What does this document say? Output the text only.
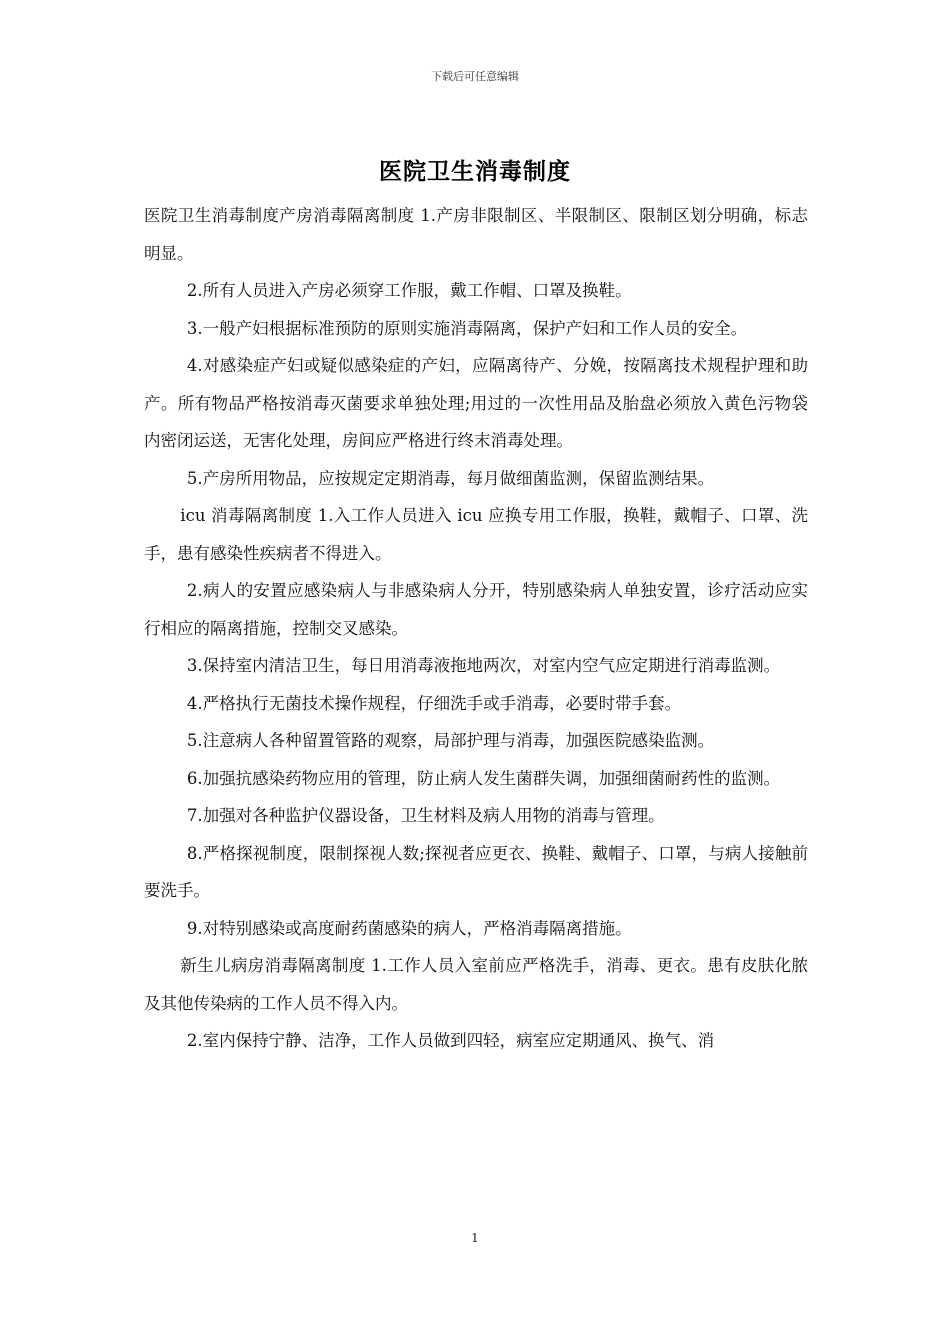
下载后可任意编辑
医院卫生消毒制度

医院卫生消毒制度产房消毒隔离制度 1.产房非限制区、半限制区、限制区划分明确，标志明显。

2.所有人员进入产房必须穿工作服，戴工作帽、口罩及换鞋。

3.一般产妇根据标准预防的原则实施消毒隔离，保护产妇和工作人员的安全。

4.对感染症产妇或疑似感染症的产妇，应隔离待产、分娩，按隔离技术规程护理和助产。所有物品严格按消毒灭菌要求单独处理;用过的一次性用品及胎盘必须放入黄色污物袋内密闭运送，无害化处理，房间应严格进行终末消毒处理。

5.产房所用物品，应按规定定期消毒，每月做细菌监测，保留监测结果。

icu 消毒隔离制度 1.入工作人员进入 icu 应换专用工作服，换鞋，戴帽子、口罩、洗手，患有感染性疾病者不得进入。

2.病人的安置应感染病人与非感染病人分开，特别感染病人单独安置，诊疗活动应实行相应的隔离措施，控制交叉感染。

3.保持室内清洁卫生，每日用消毒液拖地两次，对室内空气应定期进行消毒监测。

4.严格执行无菌技术操作规程，仔细洗手或手消毒，必要时带手套。

5.注意病人各种留置管路的观察，局部护理与消毒，加强医院感染监测。

6.加强抗感染药物应用的管理，防止病人发生菌群失调，加强细菌耐药性的监测。

7.加强对各种监护仪器设备，卫生材料及病人用物的消毒与管理。

8.严格探视制度，限制探视人数;探视者应更衣、换鞋、戴帽子、口罩，与病人接触前要洗手。

9.对特别感染或高度耐药菌感染的病人，严格消毒隔离措施。

新生儿病房消毒隔离制度 1.工作人员入室前应严格洗手，消毒、更衣。患有皮肤化脓及其他传染病的工作人员不得入内。

2.室内保持宁静、洁净，工作人员做到四轻，病室应定期通风、换气、消

1
